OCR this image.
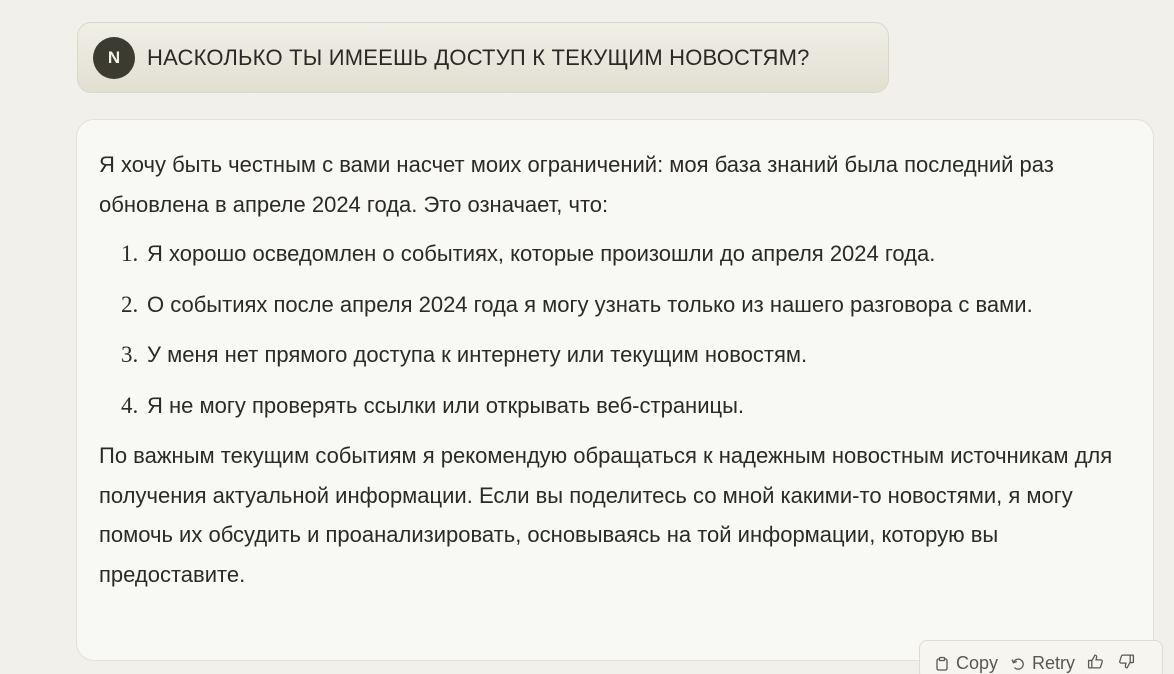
N	НАСКОЛЬКО ТЫ ИМЕЕШЬ ДОСТУП К ТЕКУЩИМ НОВОСТЯМ?

Я хочу быть честным с вами насчет моих ограничений: моя база знаний была последний раз обновлена в апреле 2024 года. Это означает, что:

1. Я хорошо осведомлен о событиях, которые произошли до апреля 2024 года.
2. О событиях после апреля 2024 года я могу узнать только из нашего разговора с вами.
3. У меня нет прямого доступа к интернету или текущим новостям.
4. Я не могу проверять ссылки или открывать веб-страницы.

По важным текущим событиям я рекомендую обращаться к надежным новостным источникам для получения актуальной информации. Если вы поделитесь со мной какими-то новостями, я могу помочь их обсудить и проанализировать, основываясь на той информации, которую вы предоставите.

Copy Retry
